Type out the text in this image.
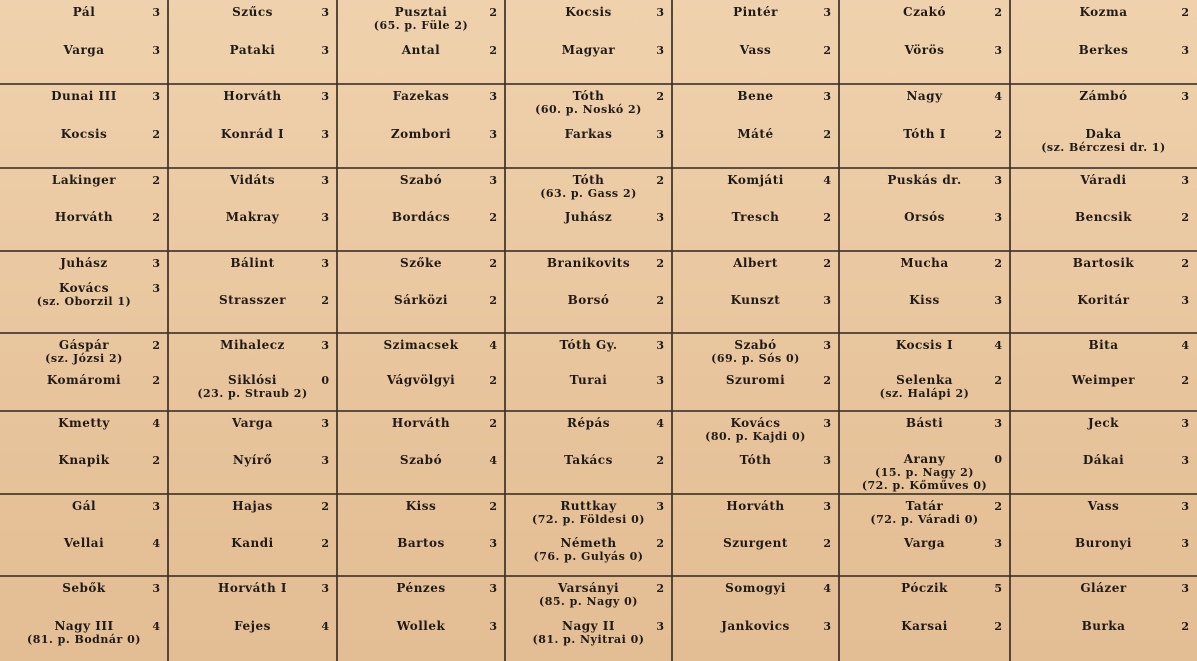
Pál	3
Varga	3
Szűcs	3
Pataki	3
Pusztai	2
(65. p. Füle 2)
Antal	2
Kocsis	3
Magyar	3
Pintér	3
Vass	2
Czakó	2
Vörös	3
Kozma	2
Berkes	3
Dunai III	3
Kocsis	2
Horváth	3
Konrád I	3
Fazekas	3
Zombori	3
Tóth	2
(60. p. Noskó 2)
Farkas	3
Bene	3
Máté	2
Nagy	4
Tóth I	2
Zámbó	3
Daka
(sz. Bérczesi dr. 1)
Lakinger	2
Horváth	2
Vidáts	3
Makray	3
Szabó	3
Bordács	2
Tóth	2
(63. p. Gass 2)
Juhász	3
Komjáti	4
Tresch	2
Puskás dr.	3
Orsós	3
Váradi	3
Bencsik	2
Juhász	3
Kovács	3
(sz. Oborzil 1)
Bálint	3
Strasszer	2
Szőke	2
Sárközi	2
Branikovits	2
Borsó	2
Albert	2
Kunszt	3
Mucha	2
Kiss	3
Bartosik	2
Koritár	3
Gáspár	2
(sz. Józsi 2)
Komáromi	2
Mihalecz	3
Siklósi	0
(23. p. Straub 2)
Szimacsek	4
Vágvölgyi	2
Tóth Gy.	3
Turai	3
Szabó	3
(69. p. Sós 0)
Szuromi	2
Kocsis I	4
Selenka	2
(sz. Halápi 2)
Bita	4
Weimper	2
Kmetty	4
Knapik	2
Varga	3
Nyírő	3
Horváth	2
Szabó	4
Répás	4
Takács	2
Kovács	3
(80. p. Kajdi 0)
Tóth	3
Básti	3
Arany	0
(15. p. Nagy 2)
(72. p. Kőműves 0)
Jeck	3
Dákai	3
Gál	3
Vellai	4
Hajas	2
Kandi	2
Kiss	2
Bartos	3
Ruttkay	3
(72. p. Földesi 0)
Németh	2
(76. p. Gulyás 0)
Horváth	3
Szurgent	2
Tatár	2
(72. p. Váradi 0)
Varga	3
Vass	3
Buronyi	3
Sebők	3
Nagy III	4
(81. p. Bodnár 0)
Horváth I	3
Fejes	4
Pénzes	3
Wollek	3
Varsányi	2
(85. p. Nagy 0)
Nagy II	3
(81. p. Nyitrai 0)
Somogyi	4
Jankovics	3
Póczik	5
Karsai	2
Glázer	3
Burka	2
